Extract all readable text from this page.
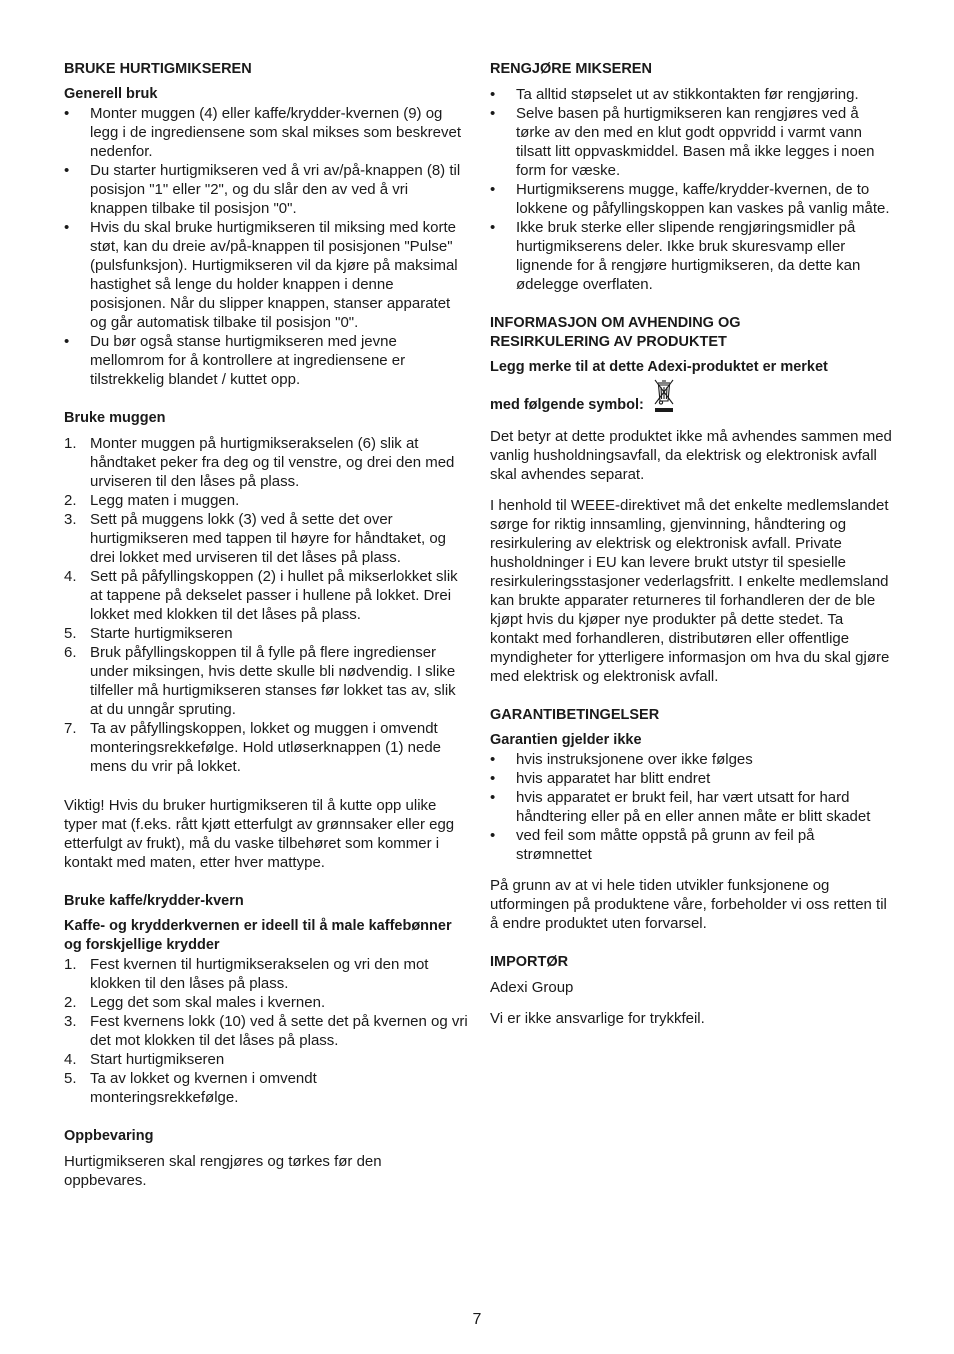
BRUKE HURTIGMIKSEREN
Generell bruk
•	Monter muggen (4) eller kaffe/krydder-kvernen (9) og legg i de ingrediensene som skal mikses som beskrevet nedenfor.
•	Du starter hurtigmikseren ved å vri av/på-knappen (8) til posisjon "1" eller "2", og du slår den av ved å vri knappen tilbake til posisjon "0".
•	Hvis du skal bruke hurtigmikseren til miksing med korte støt, kan du dreie av/på-knappen til posisjonen "Pulse" (pulsfunksjon). Hurtigmikseren vil da kjøre på maksimal hastighet så lenge du holder knappen i denne posisjonen. Når du slipper knappen, stanser apparatet og går automatisk tilbake til posisjon "0".
•	Du bør også stanse hurtigmikseren med jevne mellomrom for å kontrollere at ingrediensene er tilstrekkelig blandet / kuttet opp.
Bruke muggen
1. Monter muggen på hurtigmikserakselen (6) slik at håndtaket peker fra deg og til venstre, og drei den med urviseren til den låses på plass.
2. Legg maten i muggen.
3. Sett på muggens lokk (3) ved å sette det over hurtigmikseren med tappen til høyre for håndtaket, og drei lokket med urviseren til det låses på plass.
4. Sett på påfyllingskoppen (2) i hullet på mikserlokket slik at tappene på dekselet passer i hullene på lokket. Drei lokket med klokken til det låses på plass.
5. Starte hurtigmikseren
6. Bruk påfyllingskoppen til å fylle på flere ingredienser under miksingen, hvis dette skulle bli nødvendig. I slike tilfeller må hurtigmikseren stanses før lokket tas av, slik at du unngår spruting.
7. Ta av påfyllingskoppen, lokket og muggen i omvendt monteringsrekkefølge. Hold utløserknappen (1) nede mens du vrir på lokket.

Viktig! Hvis du bruker hurtigmikseren til å kutte opp ulike typer mat (f.eks. rått kjøtt etterfulgt av grønnsaker eller egg etterfulgt av frukt), må du vaske tilbehøret som kommer i kontakt med maten, etter hver mattype.

Bruke kaffe/krydder-kvern
Kaffe- og krydderkvernen er ideell til å male kaffebønner og forskjellige krydder
1. Fest kvernen til hurtigmikserakselen og vri den mot klokken til den låses på plass.
2. Legg det som skal males i kvernen.
3. Fest kvernens lokk (10) ved å sette det på kvernen og vri det mot klokken til det låses på plass.
4. Start hurtigmikseren
5. Ta av lokket og kvernen i omvendt monteringsrekkefølge.
Oppbevaring

Hurtigmikseren skal rengjøres og tørkes før den oppbevares.

RENGJØRE MIKSEREN
•	Ta alltid støpselet ut av stikkontakten før rengjøring.
•	Selve basen på hurtigmikseren kan rengjøres ved å tørke av den med en klut godt oppvridd i varmt vann tilsatt litt oppvaskmiddel. Basen må ikke legges i noen form for væske.
•	Hurtigmikserens mugge, kaffe/krydder-kvernen, de to lokkene og påfyllingskoppen kan vaskes på vanlig måte.
•	Ikke bruk sterke eller slipende rengjøringsmidler på hurtigmikserens deler. Ikke bruk skuresvamp eller lignende for å rengjøre hurtigmikseren, da dette kan ødelegge overflaten.
INFORMASJON OM AVHENDING OG
RESIRKULERING AV PRODUKTET
Legg merke til at dette Adexi-produktet er merket
med følgende symbol:

Det betyr at dette produktet ikke må avhendes sammen med vanlig husholdningsavfall, da elektrisk og elektronisk avfall skal avhendes separat.

I henhold til WEEE-direktivet må det enkelte medlemslandet sørge for riktig innsamling, gjenvinning, håndtering og resirkulering av elektrisk og elektronisk avfall. Private husholdninger i EU kan levere brukt utstyr til spesielle resirkuleringsstasjoner vederlagsfritt. I enkelte medlemsland kan brukte apparater returneres til forhandleren der de ble kjøpt hvis du kjøper nye produkter på dette stedet. Ta kontakt med forhandleren, distributøren eller offentlige myndigheter for ytterligere informasjon om hva du skal gjøre med elektrisk og elektronisk avfall.

GARANTIBETINGELSER
Garantien gjelder ikke
•	hvis instruksjonene over ikke følges
•	hvis apparatet har blitt endret
•	hvis apparatet er brukt feil, har vært utsatt for hard håndtering eller på en eller annen måte er blitt skadet
•	ved feil som måtte oppstå på grunn av feil på strømnettet

På grunn av at vi hele tiden utvikler funksjonene og utformingen på produktene våre, forbeholder vi oss retten til å endre produktet uten forvarsel.

IMPORTØR

Adexi Group

Vi er ikke ansvarlige for trykkfeil.

7
